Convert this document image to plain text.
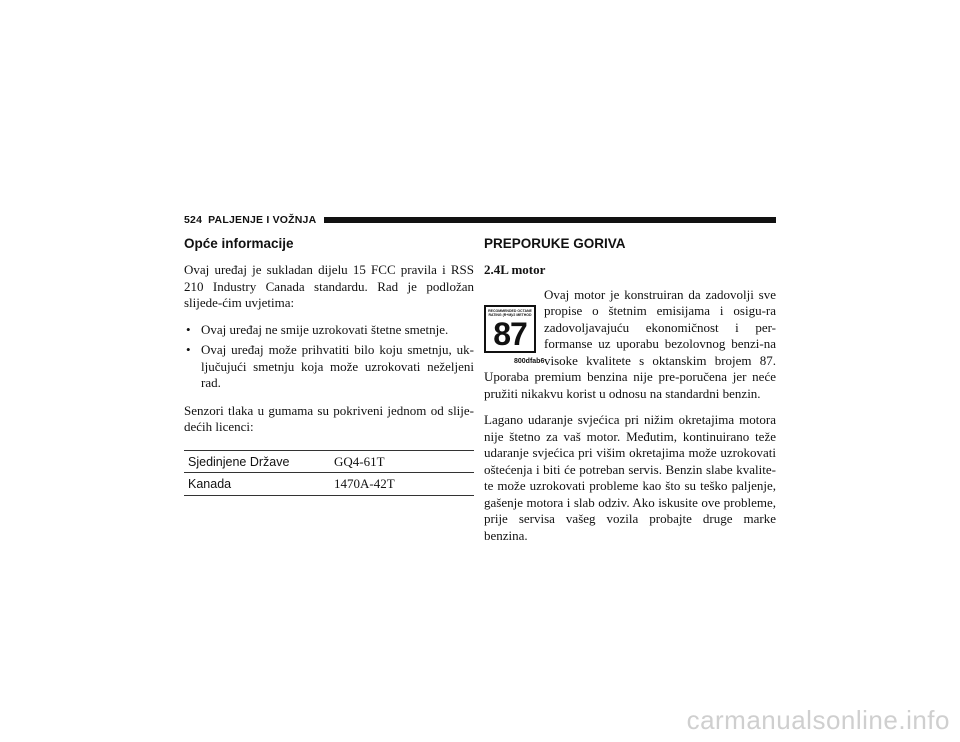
524 PALJENJE I VOŽNJA
Opće informacije

Ovaj uređaj je sukladan dijelu 15 FCC pravila i RSS 210 Industry Canada standardu. Rad je podložan slijede-ćim uvjetima:

• Ovaj uređaj ne smije uzrokovati štetne smetnje.
• Ovaj uređaj može prihvatiti bilo koju smetnju, uk-ljučujući smetnju koja može uzrokovati neželjeni rad.

Senzori tlaka u gumama su pokriveni jednom od slije-dećih licenci:

Sjedinjene Države	GQ4-61T
Kanada	1470A-42T
PREPORUKE GORIVA

2.4L motor

RECOMMENDED OCTANE RATING (R+M)/2 METHOD
87
800dfab6

Ovaj motor je konstruiran da zadovolji sve propise o štetnim emisijama i osigu-ra zadovoljavajuću ekonomičnost i per-formanse uz uporabu bezolovnog benzi-na visoke kvalitete s oktanskim brojem 87. Uporaba premium benzina nije pre-poručena jer neće pružiti nikakvu korist u odnosu na standardni benzin.

Lagano udaranje svjećica pri nižim okretajima motora nije štetno za vaš motor. Međutim, kontinuirano teže udaranje svjećica pri višim okretajima može uzrokovati oštećenja i biti će potreban servis. Benzin slabe kvalite-te može uzrokovati probleme kao što su teško paljenje, gašenje motora i slab odziv. Ako iskusite ove probleme, prije servisa vašeg vozila probajte druge marke benzina.

carmanualsonline.info
